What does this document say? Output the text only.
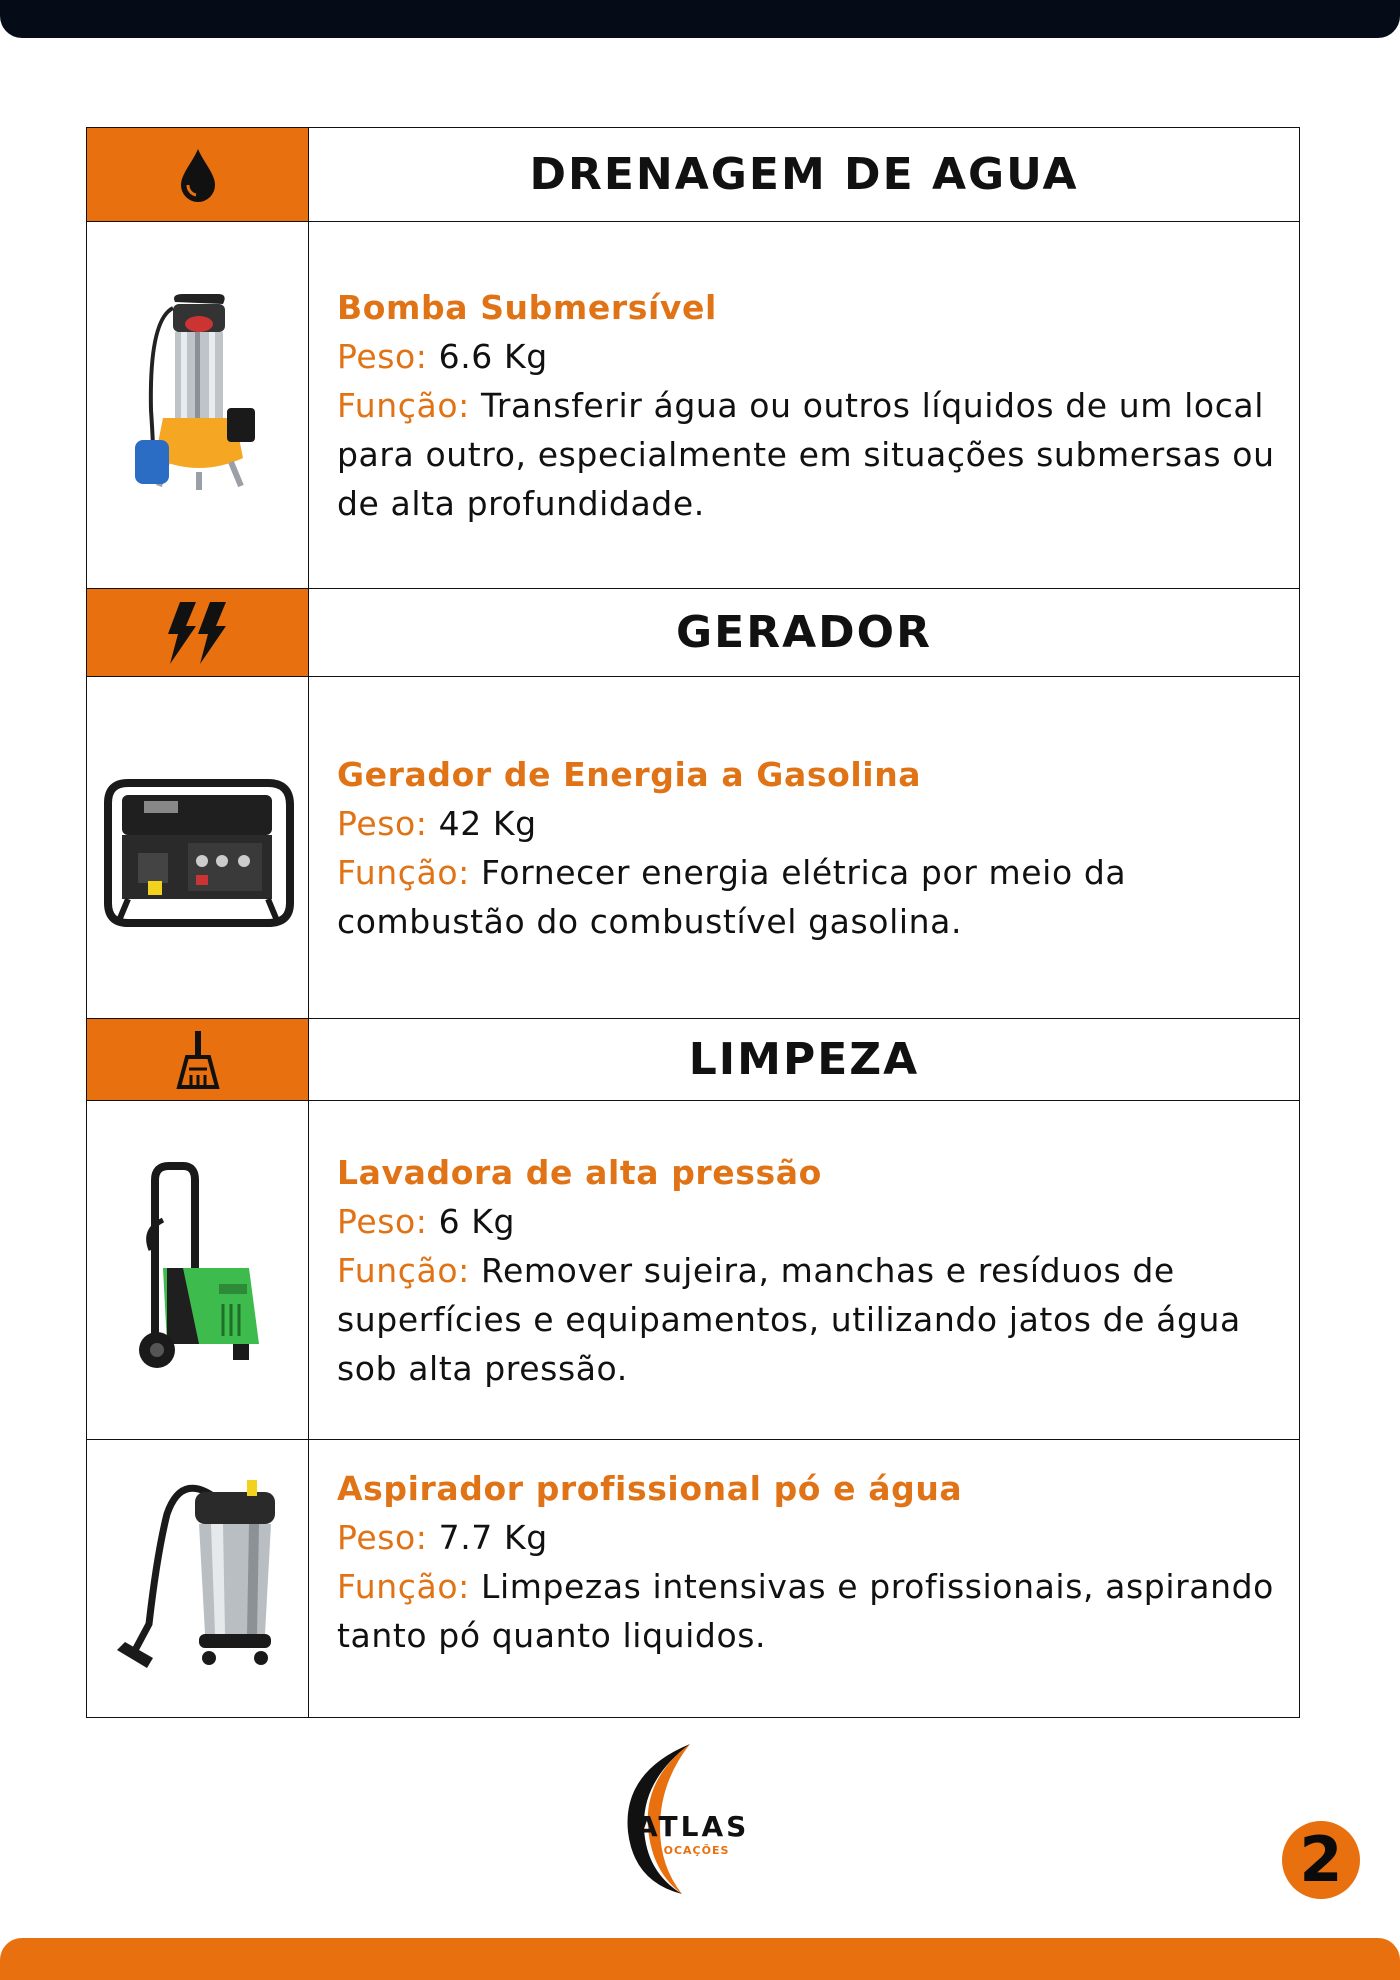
	DRENAGEM DE AGUA

Bomba Submersível
Peso: 6.6 Kg
Função: Transferir água ou outros líquidos de um local para outro, especialmente em situações submersas ou de alta profundidade.

	GERADOR

Gerador de Energia a Gasolina
Peso: 42 Kg
Função: Fornecer energia elétrica por meio da combustão do combustível gasolina.

	LIMPEZA

Lavadora de alta pressão
Peso: 6 Kg
Função: Remover sujeira, manchas e resíduos de superfícies e equipamentos, utilizando jatos de água sob alta pressão.

Aspirador profissional pó e água
Peso: 7.7 Kg
Função: Limpezas intensivas e profissionais, aspirando tanto pó quanto liquidos.
ATLAS
LOCAÇÕES	2
